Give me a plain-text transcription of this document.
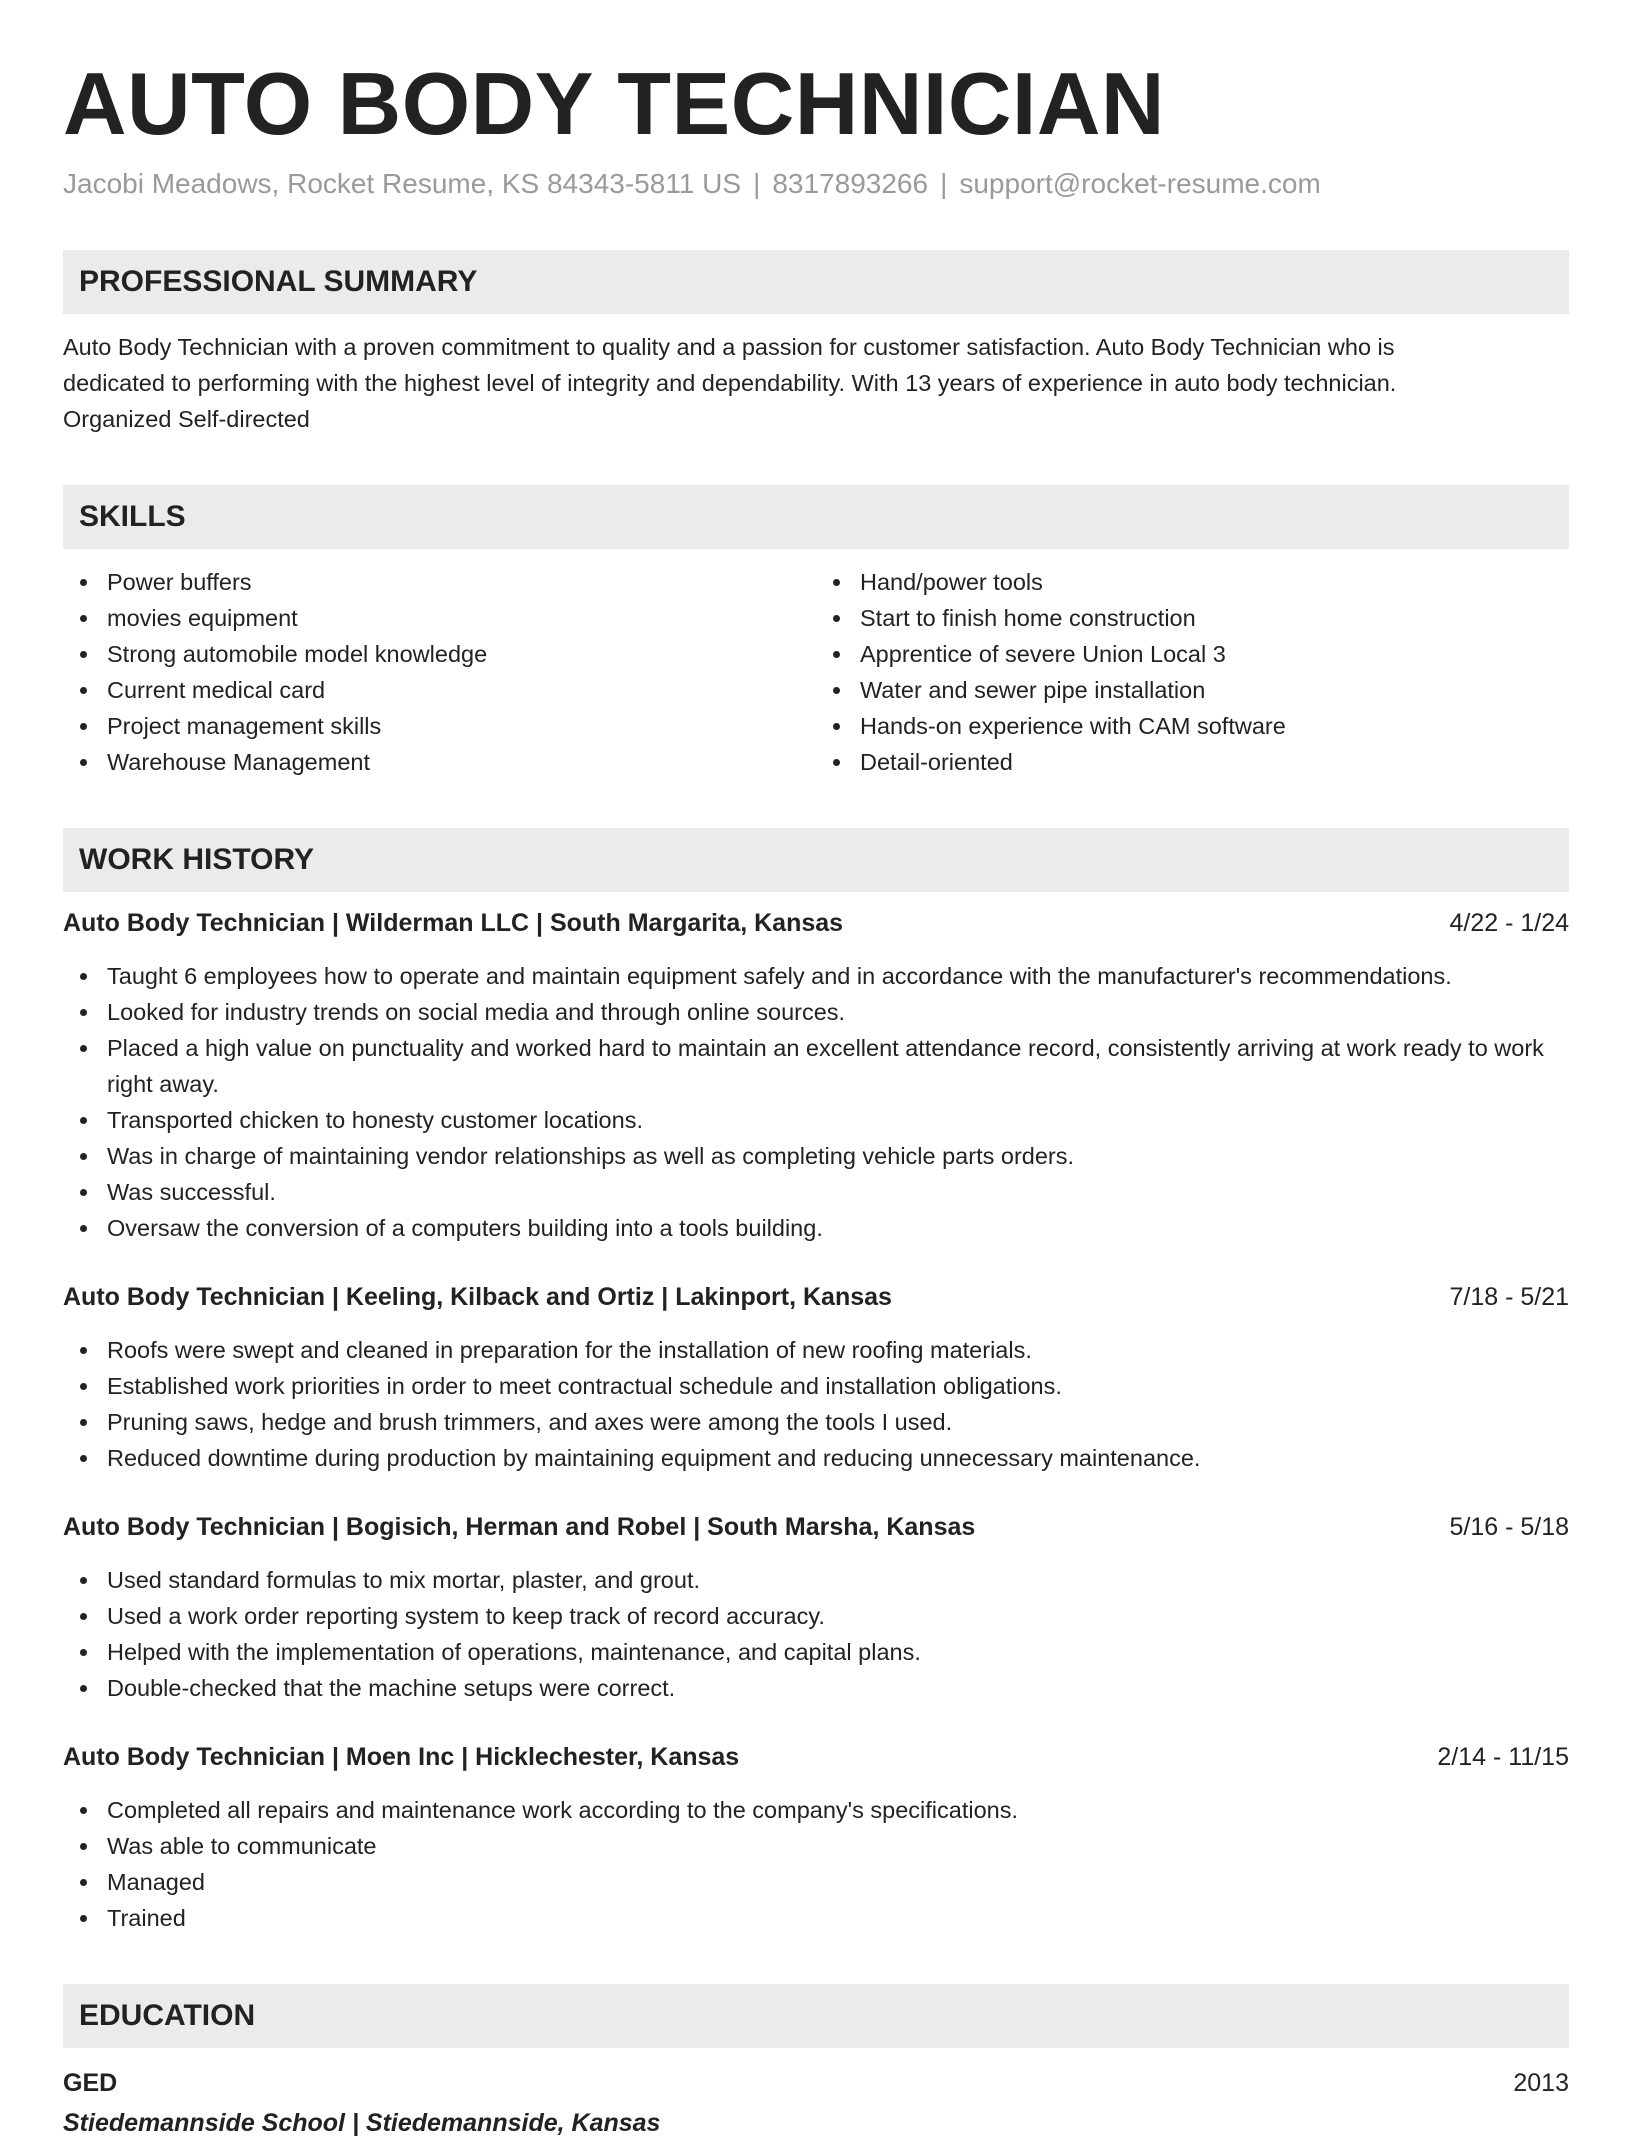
AUTO BODY TECHNICIAN
Jacobi Meadows, Rocket Resume, KS 84343-5811 US | 8317893266 | support@rocket-resume.com
PROFESSIONAL SUMMARY
Auto Body Technician with a proven commitment to quality and a passion for customer satisfaction. Auto Body Technician who is
dedicated to performing with the highest level of integrity and dependability. With 13 years of experience in auto body technician.
Organized Self-directed
SKILLS
Power buffers
movies equipment
Strong automobile model knowledge
Current medical card
Project management skills
Warehouse Management
Hand/power tools
Start to finish home construction
Apprentice of severe Union Local 3
Water and sewer pipe installation
Hands-on experience with CAM software
Detail-oriented
WORK HISTORY
Auto Body Technician | Wilderman LLC | South Margarita, Kansas	4/22 - 1/24
Taught 6 employees how to operate and maintain equipment safely and in accordance with the manufacturer's recommendations.
Looked for industry trends on social media and through online sources.
Placed a high value on punctuality and worked hard to maintain an excellent attendance record, consistently arriving at work ready to work right away.
Transported chicken to honesty customer locations.
Was in charge of maintaining vendor relationships as well as completing vehicle parts orders.
Was successful.
Oversaw the conversion of a computers building into a tools building.
Auto Body Technician | Keeling, Kilback and Ortiz | Lakinport, Kansas	7/18 - 5/21
Roofs were swept and cleaned in preparation for the installation of new roofing materials.
Established work priorities in order to meet contractual schedule and installation obligations.
Pruning saws, hedge and brush trimmers, and axes were among the tools I used.
Reduced downtime during production by maintaining equipment and reducing unnecessary maintenance.
Auto Body Technician | Bogisich, Herman and Robel | South Marsha, Kansas	5/16 - 5/18
Used standard formulas to mix mortar, plaster, and grout.
Used a work order reporting system to keep track of record accuracy.
Helped with the implementation of operations, maintenance, and capital plans.
Double-checked that the machine setups were correct.
Auto Body Technician | Moen Inc | Hicklechester, Kansas	2/14 - 11/15
Completed all repairs and maintenance work according to the company's specifications.
Was able to communicate
Managed
Trained
EDUCATION
GED	2013
Stiedemannside School | Stiedemannside, Kansas
